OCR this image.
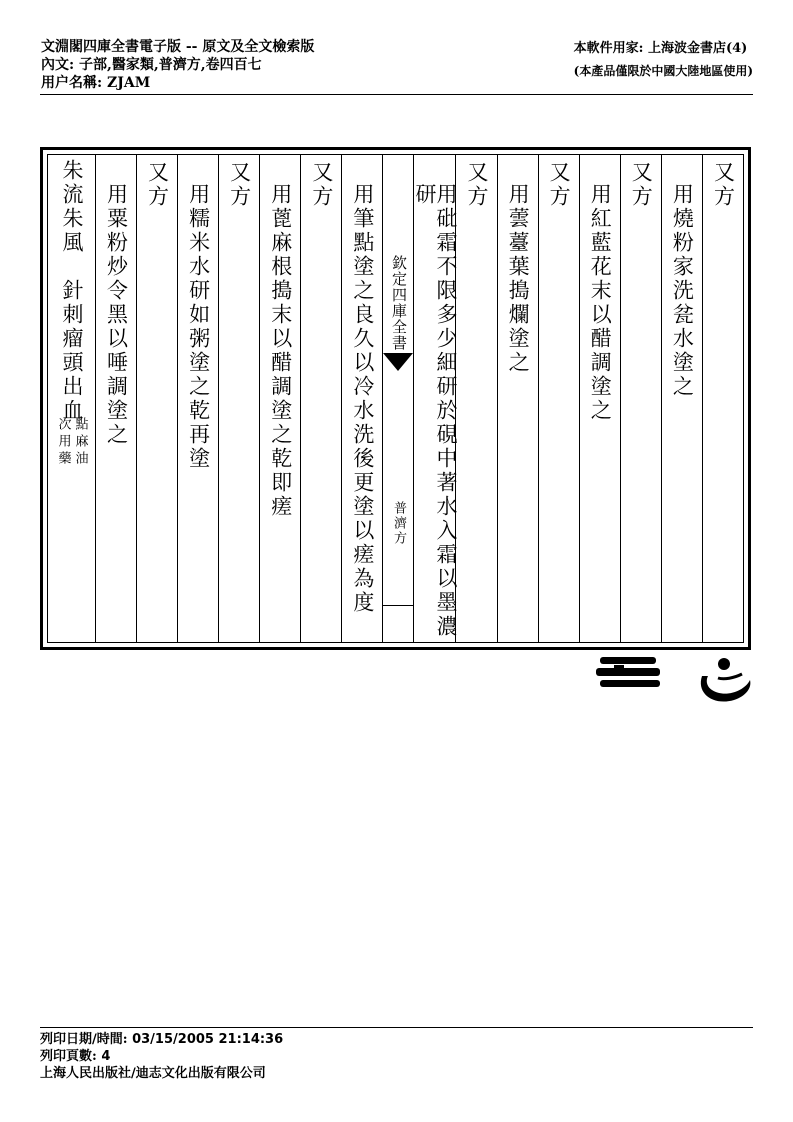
文淵閣四庫全書電子版 -- 原文及全文檢索版
內文: 子部,醫家類,普濟方,卷四百七
用户名稱: ZJAM
本軟件用家: 上海波金書店(4)
(本產品僅限於中國大陸地區使用)
又方
用燒粉家洗瓫水塗之
又方
用紅藍花末以醋調塗之
又方
用蕓薹葉搗爛塗之
又方
用砒霜不限多少細研於硯中著水入霜以墨濃研
欽定四庫全書
普濟方
用筆點塗之良久以冷水洗後更塗以瘥為度
又方
用蓖麻根搗末以醋調塗之乾即瘥
又方
用糯米水研如粥塗之乾再塗
又方
用粟粉炒令黑以唾調塗之
朱流朱風　針刺瘤頭出血
點麻油
次用藥
列印日期/時間: 03/15/2005 21:14:36
列印頁數: 4
上海人民出版社/迪志文化出版有限公司
